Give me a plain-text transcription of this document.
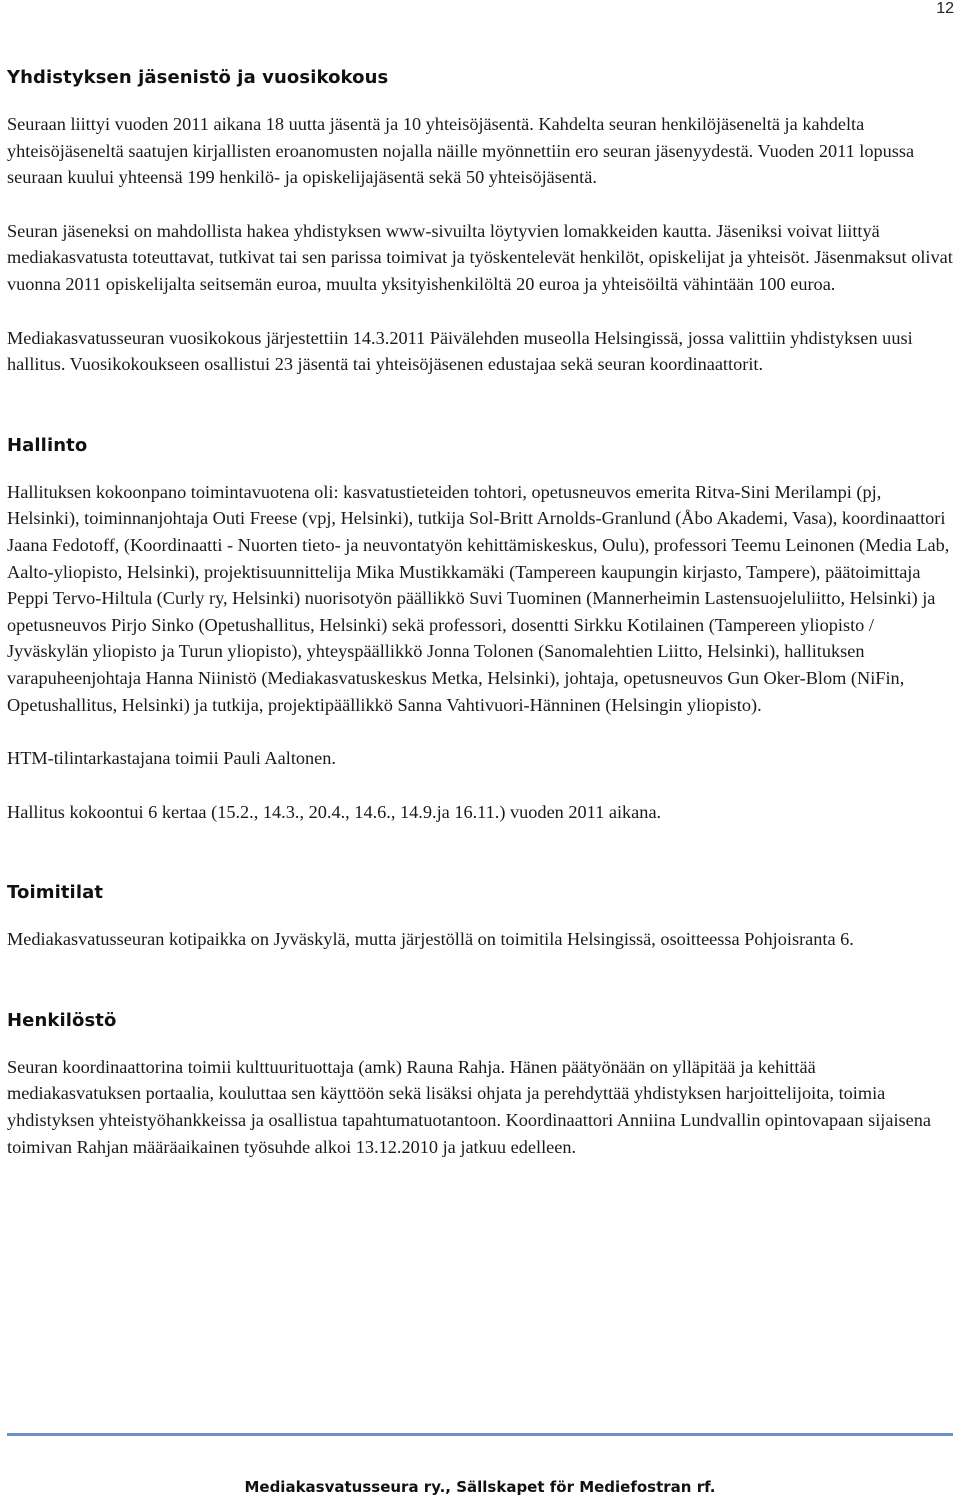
12
Yhdistyksen jäsenistö ja vuosikokous

Seuraan liittyi vuoden 2011 aikana 18 uutta jäsentä ja 10 yhteisöjäsentä. Kahdelta seuran henkilöjäseneltä ja kahdelta yhteisöjäseneltä saatujen kirjallisten eroanomusten nojalla näille myönnettiin ero seuran jäsenyydestä. Vuoden 2011 lopussa seuraan kuului yhteensä 199 henkilö- ja opiskelijajäsentä sekä 50 yhteisöjäsentä.

Seuran jäseneksi on mahdollista hakea yhdistyksen www-sivuilta löytyvien lomakkeiden kautta. Jäseniksi voivat liittyä mediakasvatusta toteuttavat, tutkivat tai sen parissa toimivat ja työskentelevät henkilöt, opiskelijat ja yhteisöt. Jäsenmaksut olivat vuonna 2011 opiskelijalta seitsemän euroa, muulta yksityishenkilöltä 20 euroa ja yhteisöiltä vähintään 100 euroa.

Mediakasvatusseuran vuosikokous järjestettiin 14.3.2011 Päivälehden museolla Helsingissä, jossa valittiin yhdistyksen uusi hallitus. Vuosikokoukseen osallistui 23 jäsentä tai yhteisöjäsenen edustajaa sekä seuran koordinaattorit.

Hallinto

Hallituksen kokoonpano toimintavuotena oli: kasvatustieteiden tohtori, opetusneuvos emerita Ritva-Sini Merilampi (pj, Helsinki), toiminnanjohtaja Outi Freese (vpj, Helsinki), tutkija Sol-Britt Arnolds-Granlund (Åbo Akademi, Vasa), koordinaattori Jaana Fedotoff, (Koordinaatti - Nuorten tieto- ja neuvontatyön kehittämiskeskus, Oulu), professori Teemu Leinonen (Media Lab, Aalto-yliopisto, Helsinki), projektisuunnittelija Mika Mustikkamäki (Tampereen kaupungin kirjasto, Tampere), päätoimittaja Peppi Tervo-Hiltula (Curly ry, Helsinki) nuorisotyön päällikkö Suvi Tuominen (Mannerheimin Lastensuojeluliitto, Helsinki) ja opetusneuvos Pirjo Sinko (Opetushallitus, Helsinki) sekä professori, dosentti Sirkku Kotilainen (Tampereen yliopisto / Jyväskylän yliopisto ja Turun yliopisto), yhteyspäällikkö Jonna Tolonen (Sanomalehtien Liitto, Helsinki), hallituksen varapuheenjohtaja Hanna Niinistö (Mediakasvatuskeskus Metka, Helsinki), johtaja, opetusneuvos Gun Oker-Blom (NiFin, Opetushallitus, Helsinki) ja tutkija, projektipäällikkö Sanna Vahtivuori-Hänninen (Helsingin yliopisto).

HTM-tilintarkastajana toimii Pauli Aaltonen.

Hallitus kokoontui 6 kertaa (15.2., 14.3., 20.4., 14.6., 14.9.ja 16.11.) vuoden 2011 aikana.

Toimitilat

Mediakasvatusseuran kotipaikka on Jyväskylä, mutta järjestöllä on toimitila Helsingissä, osoitteessa Pohjoisranta 6.

Henkilöstö

Seuran koordinaattorina toimii kulttuurituottaja (amk) Rauna Rahja. Hänen päätyönään on ylläpitää ja kehittää mediakasvatuksen portaalia, kouluttaa sen käyttöön sekä lisäksi ohjata ja perehdyttää yhdistyksen harjoittelijoita, toimia yhdistyksen yhteistyöhankkeissa ja osallistua tapahtumatuotantoon. Koordinaattori Anniina Lundvallin opintovapaan sijaisena toimivan Rahjan määräaikainen työsuhde alkoi 13.12.2010 ja jatkuu edelleen.

Mediakasvatusseura ry., Sällskapet för Mediefostran rf.
